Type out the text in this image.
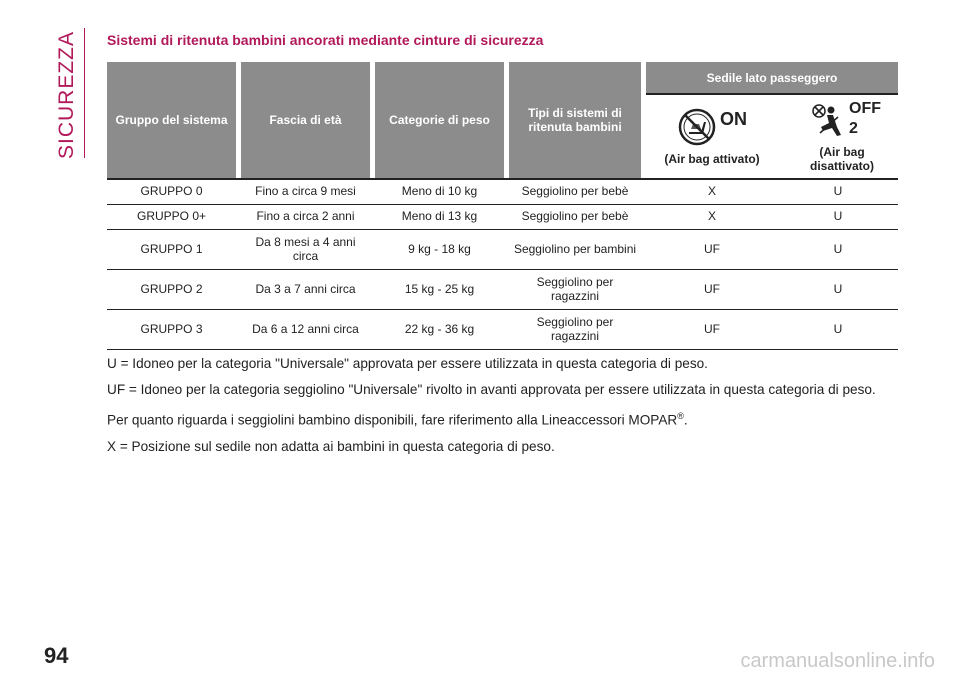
SICUREZZA Sistemi di ritenuta bambini ancorati mediante cinture di sicurezza
Gruppo del sistema	Fascia di età	Categorie di peso
Tipi di sistemi di ritenuta bambini
Sedile lato passeggero
ON
(Air bag attivato)
OFF
2
(Air bag disattivato)
GRUPPO 0	Fino a circa 9 mesi	Meno di 10 kg	Seggiolino per bebè	X	U
GRUPPO 0+	Fino a circa 2 anni	Meno di 13 kg	Seggiolino per bebè	X	U
GRUPPO 1	Da 8 mesi a 4 anni circa	9 kg - 18 kg	Seggiolino per bambini	UF	U
GRUPPO 2	Da 3 a 7 anni circa	15 kg - 25 kg	Seggiolino per ragazzini	UF	U
GRUPPO 3	Da 6 a 12 anni circa	22 kg - 36 kg	Seggiolino per ragazzini	UF	U

U = Idoneo per la categoria "Universale" approvata per essere utilizzata in questa categoria di peso.

UF = Idoneo per la categoria seggiolino "Universale" rivolto in avanti approvata per essere utilizzata in questa categoria di peso.

Per quanto riguarda i seggiolini bambino disponibili, fare riferimento alla Lineaccessori MOPAR®.

X = Posizione sul sedile non adatta ai bambini in questa categoria di peso.

94	carmanualsonline.info
